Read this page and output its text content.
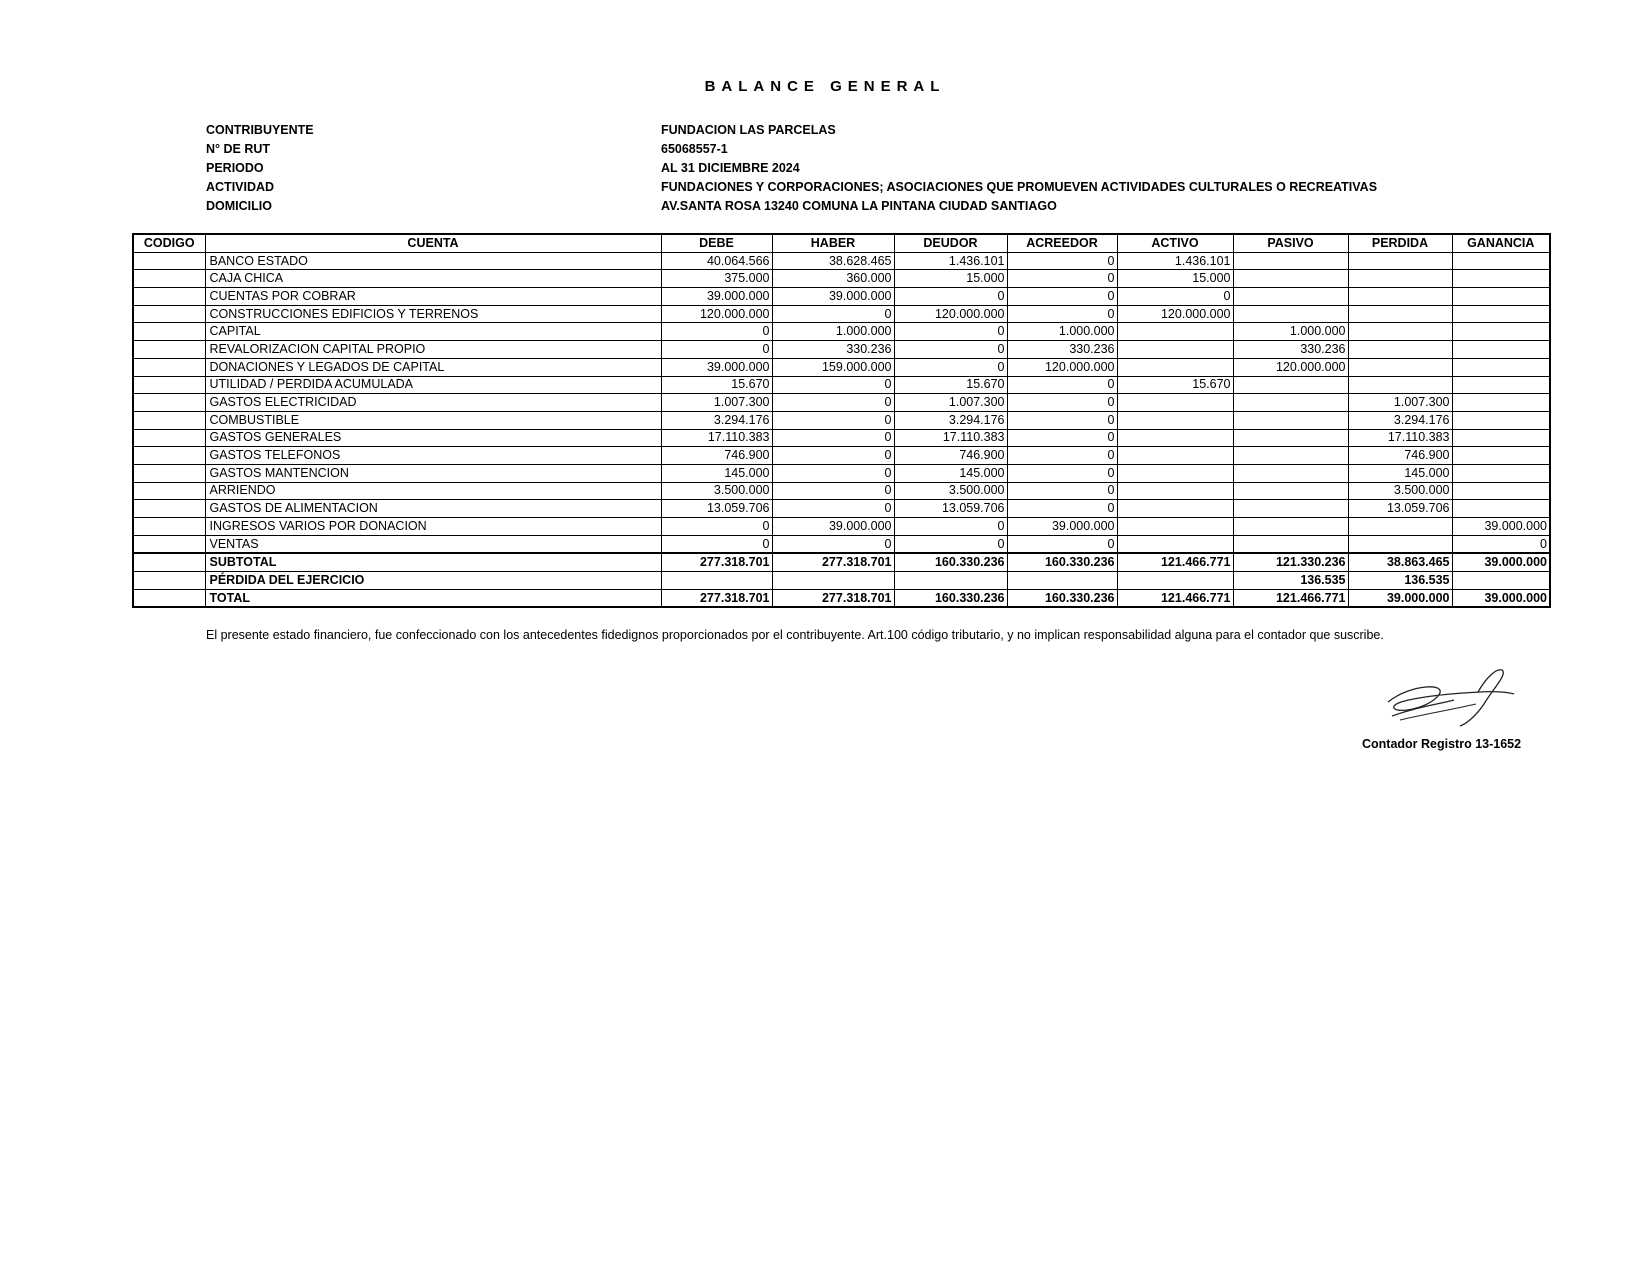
BALANCE GENERAL
CONTRIBUYENTE	FUNDACION LAS PARCELAS
N° DE RUT	65068557-1
PERIODO	AL 31 DICIEMBRE 2024
ACTIVIDAD	FUNDACIONES Y CORPORACIONES; ASOCIACIONES QUE PROMUEVEN ACTIVIDADES CULTURALES O RECREATIVAS
DOMICILIO	AV.SANTA ROSA 13240 COMUNA LA PINTANA CIUDAD SANTIAGO
CODIGO	CUENTA	DEBE	HABER	DEUDOR	ACREEDOR	ACTIVO	PASIVO	PERDIDA	GANANCIA
	BANCO ESTADO	40.064.566	38.628.465	1.436.101	0	1.436.101			
	CAJA CHICA	375.000	360.000	15.000	0	15.000			
	CUENTAS POR COBRAR	39.000.000	39.000.000	0	0	0			
	CONSTRUCCIONES EDIFICIOS Y TERRENOS	120.000.000	0	120.000.000	0	120.000.000			
	CAPITAL	0	1.000.000	0	1.000.000		1.000.000		
	REVALORIZACION CAPITAL PROPIO	0	330.236	0	330.236		330.236		
	DONACIONES Y LEGADOS DE CAPITAL	39.000.000	159.000.000	0	120.000.000		120.000.000		
	UTILIDAD / PERDIDA ACUMULADA	15.670	0	15.670	0	15.670			
	GASTOS ELECTRICIDAD	1.007.300	0	1.007.300	0			1.007.300	
	COMBUSTIBLE	3.294.176	0	3.294.176	0			3.294.176	
	GASTOS GENERALES	17.110.383	0	17.110.383	0			17.110.383	
	GASTOS TELEFONOS	746.900	0	746.900	0			746.900	
	GASTOS MANTENCION	145.000	0	145.000	0			145.000	
	ARRIENDO	3.500.000	0	3.500.000	0			3.500.000	
	GASTOS DE ALIMENTACION	13.059.706	0	13.059.706	0			13.059.706	
	INGRESOS VARIOS POR DONACION	0	39.000.000	0	39.000.000				39.000.000
	VENTAS	0	0	0	0				0
	SUBTOTAL	277.318.701	277.318.701	160.330.236	160.330.236	121.466.771	121.330.236	38.863.465	39.000.000
	PÉRDIDA DEL EJERCICIO						136.535	136.535	
	TOTAL	277.318.701	277.318.701	160.330.236	160.330.236	121.466.771	121.466.771	39.000.000	39.000.000
El presente estado financiero, fue confeccionado con los antecedentes fidedignos proporcionados por el contribuyente. Art.100 código tributario, y no implican responsabilidad alguna para el contador que suscribe.
Contador Registro 13-1652
